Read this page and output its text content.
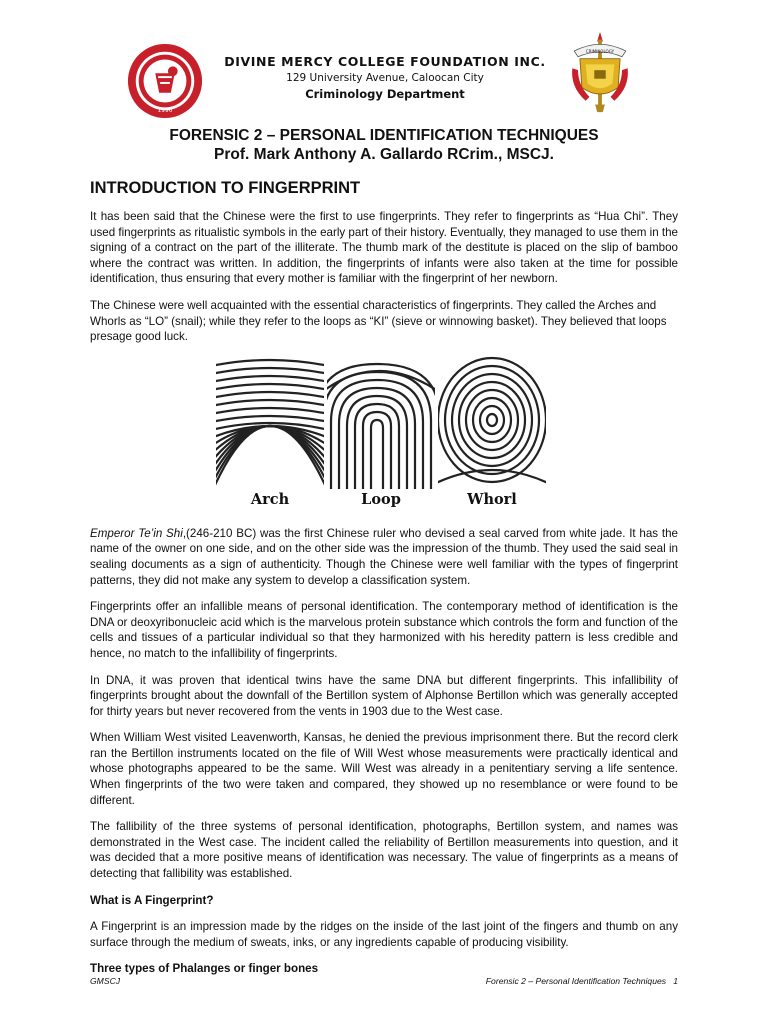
1996
DIVINE MERCY COLLEGE FOUNDATION INC.
129 University Avenue, Caloocan City
Criminology Department
CRIMINOLOGY
FORENSIC 2 – PERSONAL IDENTIFICATION TECHNIQUES
Prof. Mark Anthony A. Gallardo RCrim., MSCJ.
INTRODUCTION TO FINGERPRINT

It has been said that the Chinese were the first to use fingerprints. They refer to fingerprints as “Hua Chi”. They used fingerprints as ritualistic symbols in the early part of their history. Eventually, they managed to use them in the signing of a contract on the part of the illiterate. The thumb mark of the destitute is placed on the slip of bamboo where the contract was written. In addition, the fingerprints of infants were also taken at the time for possible identification, thus ensuring that every mother is familiar with the fingerprint of her newborn.

The Chinese were well acquainted with the essential characteristics of fingerprints. They called the Arches and Whorls as “LO” (snail); while they refer to the loops as “KI” (sieve or winnowing basket). They believed that loops presage good luck.

Arch	Loop	Whorl

Emperor Te’in Shi,(246-210 BC) was the first Chinese ruler who devised a seal carved from white jade. It has the name of the owner on one side, and on the other side was the impression of the thumb. They used the said seal in sealing documents as a sign of authenticity. Though the Chinese were well familiar with the types of fingerprint patterns, they did not make any system to develop a classification system.

Fingerprints offer an infallible means of personal identification. The contemporary method of identification is the DNA or deoxyribonucleic acid which is the marvelous protein substance which controls the form and function of the cells and tissues of a particular individual so that they harmonized with his heredity pattern is less credible and hence, no match to the infallibility of fingerprints.

In DNA, it was proven that identical twins have the same DNA but different fingerprints. This infallibility of fingerprints brought about the downfall of the Bertillon system of Alphonse Bertillon which was generally accepted for thirty years but never recovered from the vents in 1903 due to the West case.

When William West visited Leavenworth, Kansas, he denied the previous imprisonment there. But the record clerk ran the Bertillon instruments located on the file of Will West whose measurements were practically identical and whose photographs appeared to be the same. Will West was already in a penitentiary serving a life sentence. When fingerprints of the two were taken and compared, they showed up no resemblance or were found to be different.

The fallibility of the three systems of personal identification, photographs, Bertillon system, and names was demonstrated in the West case. The incident called the reliability of Bertillon measurements into question, and it was decided that a more positive means of identification was necessary. The value of fingerprints as a means of detecting that fallibility was established.

What is A Fingerprint?

A Fingerprint is an impression made by the ridges on the inside of the last joint of the fingers and thumb on any surface through the medium of sweats, inks, or any ingredients capable of producing visibility.

Three types of Phalanges or finger bones
GMSCJ	Forensic 2 – Personal Identification Techniques   1
